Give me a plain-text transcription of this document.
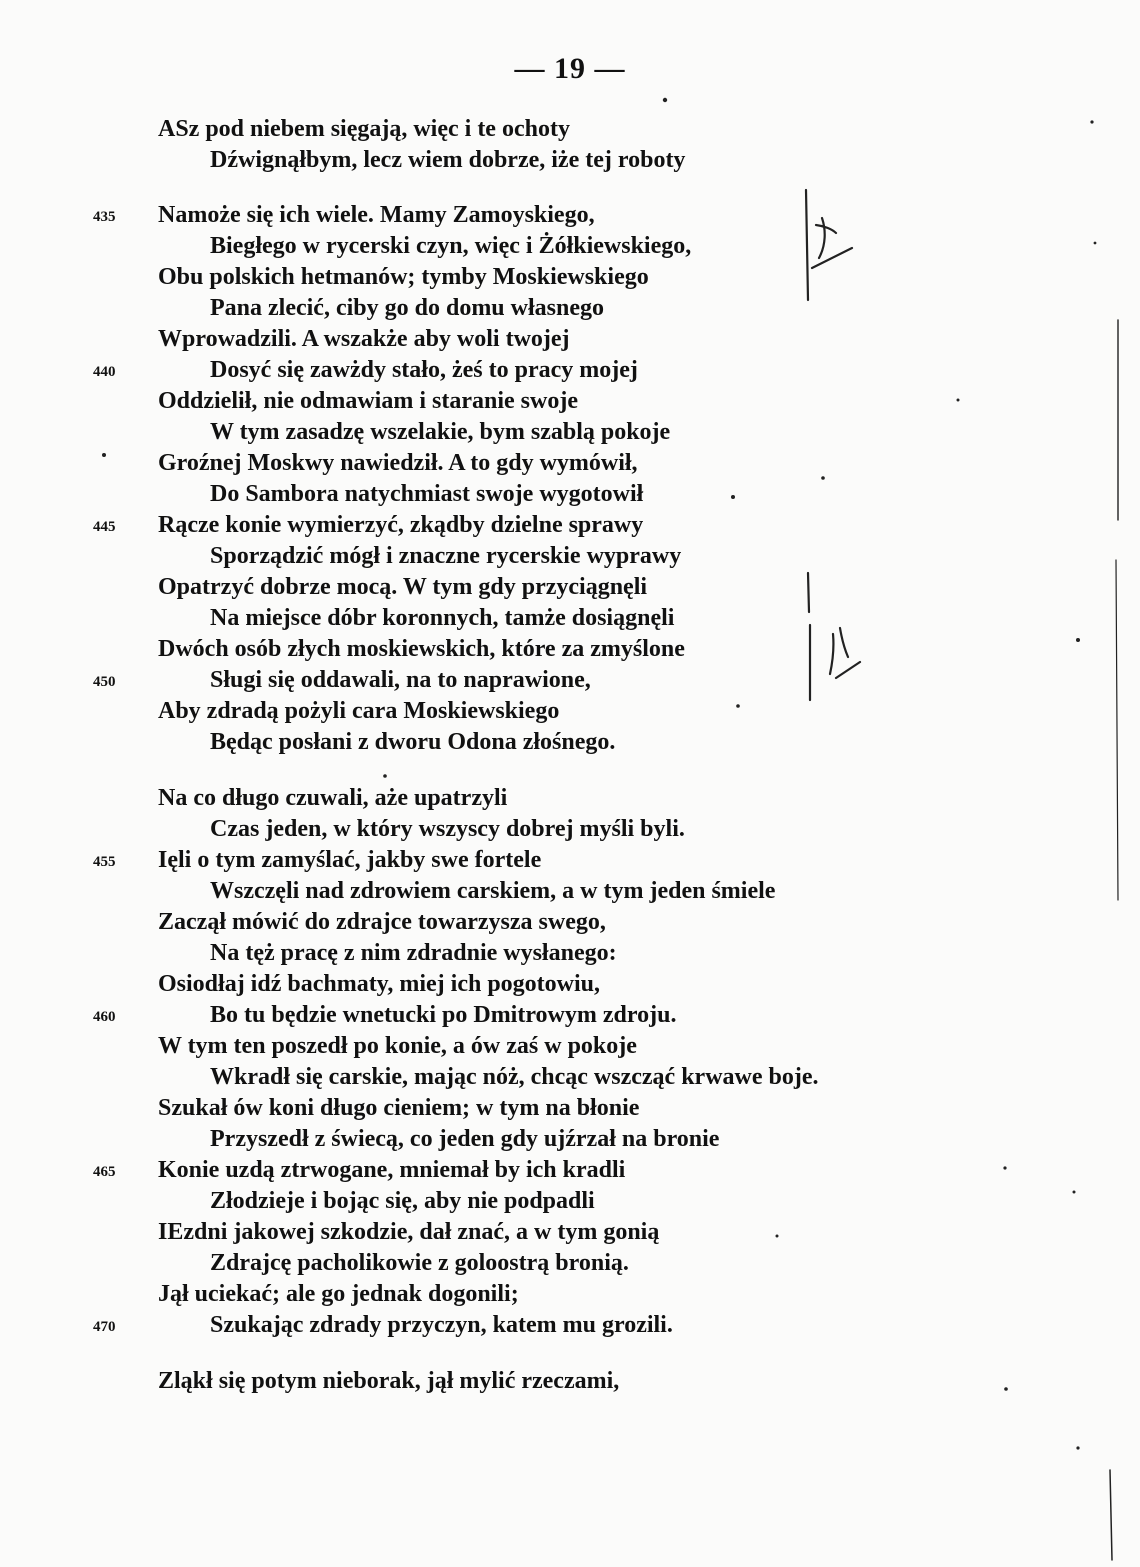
— 19 —
ASz pod niebem sięgają, więc i te ochoty
Dźwignąłbym, lecz wiem dobrze, iże tej roboty
435 Namoże się ich wiele. Mamy Zamoyskiego,
Biegłego w rycerski czyn, więc i Żółkiewskiego,
Obu polskich hetmanów; tymby Moskiewskiego
Pana zlecić, ciby go do domu własnego
Wprowadzili. A wszakże aby woli twojej
440	Dosyć się zawżdy stało, żeś to pracy mojej
Oddzielił, nie odmawiam i staranie swoje
W tym zasadzę wszelakie, bym szablą pokoje
Groźnej Moskwy nawiedził. A to gdy wymówił,
Do Sambora natychmiast swoje wygotowił
445 Rącze konie wymierzyć, zkądby dzielne sprawy
Sporządzić mógł i znaczne rycerskie wyprawy
Opatrzyć dobrze mocą. W tym gdy przyciągnęli
Na miejsce dóbr koronnych, tamże dosiągnęli
Dwóch osób złych moskiewskich, które za zmyślone
450	Sługi się oddawali, na to naprawione,
Aby zdradą pożyli cara Moskiewskiego
Będąc posłani z dworu Odona złośnego.
Na co długo czuwali, aże upatrzyli
Czas jeden, w który wszyscy dobrej myśli byli.
455 Ięli o tym zamyślać, jakby swe fortele
Wszczęli nad zdrowiem carskiem, a w tym jeden śmiele
Zaczął mówić do zdrajce towarzysza swego,
Na tęż pracę z nim zdradnie wysłanego:
Osiodłaj idź bachmaty, miej ich pogotowiu,
460	Bo tu będzie wnetucki po Dmitrowym zdroju.
W tym ten poszedł po konie, a ów zaś w pokoje
Wkradł się carskie, mając nóż, chcąc wszcząć krwawe boje.
Szukał ów koni długo cieniem; w tym na błonie
Przyszedł z świecą, co jeden gdy ujźrzał na bronie
465 Konie uzdą ztrwogane, mniemał by ich kradli
Złodzieje i bojąc się, aby nie podpadli
IEzdni jakowej szkodzie, dał znać, a w tym gonią
Zdrajcę pacholikowie z goloostrą bronią.
Jął uciekać; ale go jednak dogonili;
470	Szukając zdrady przyczyn, katem mu grozili.
Zląkł się potym nieborak, jął mylić rzeczami,
